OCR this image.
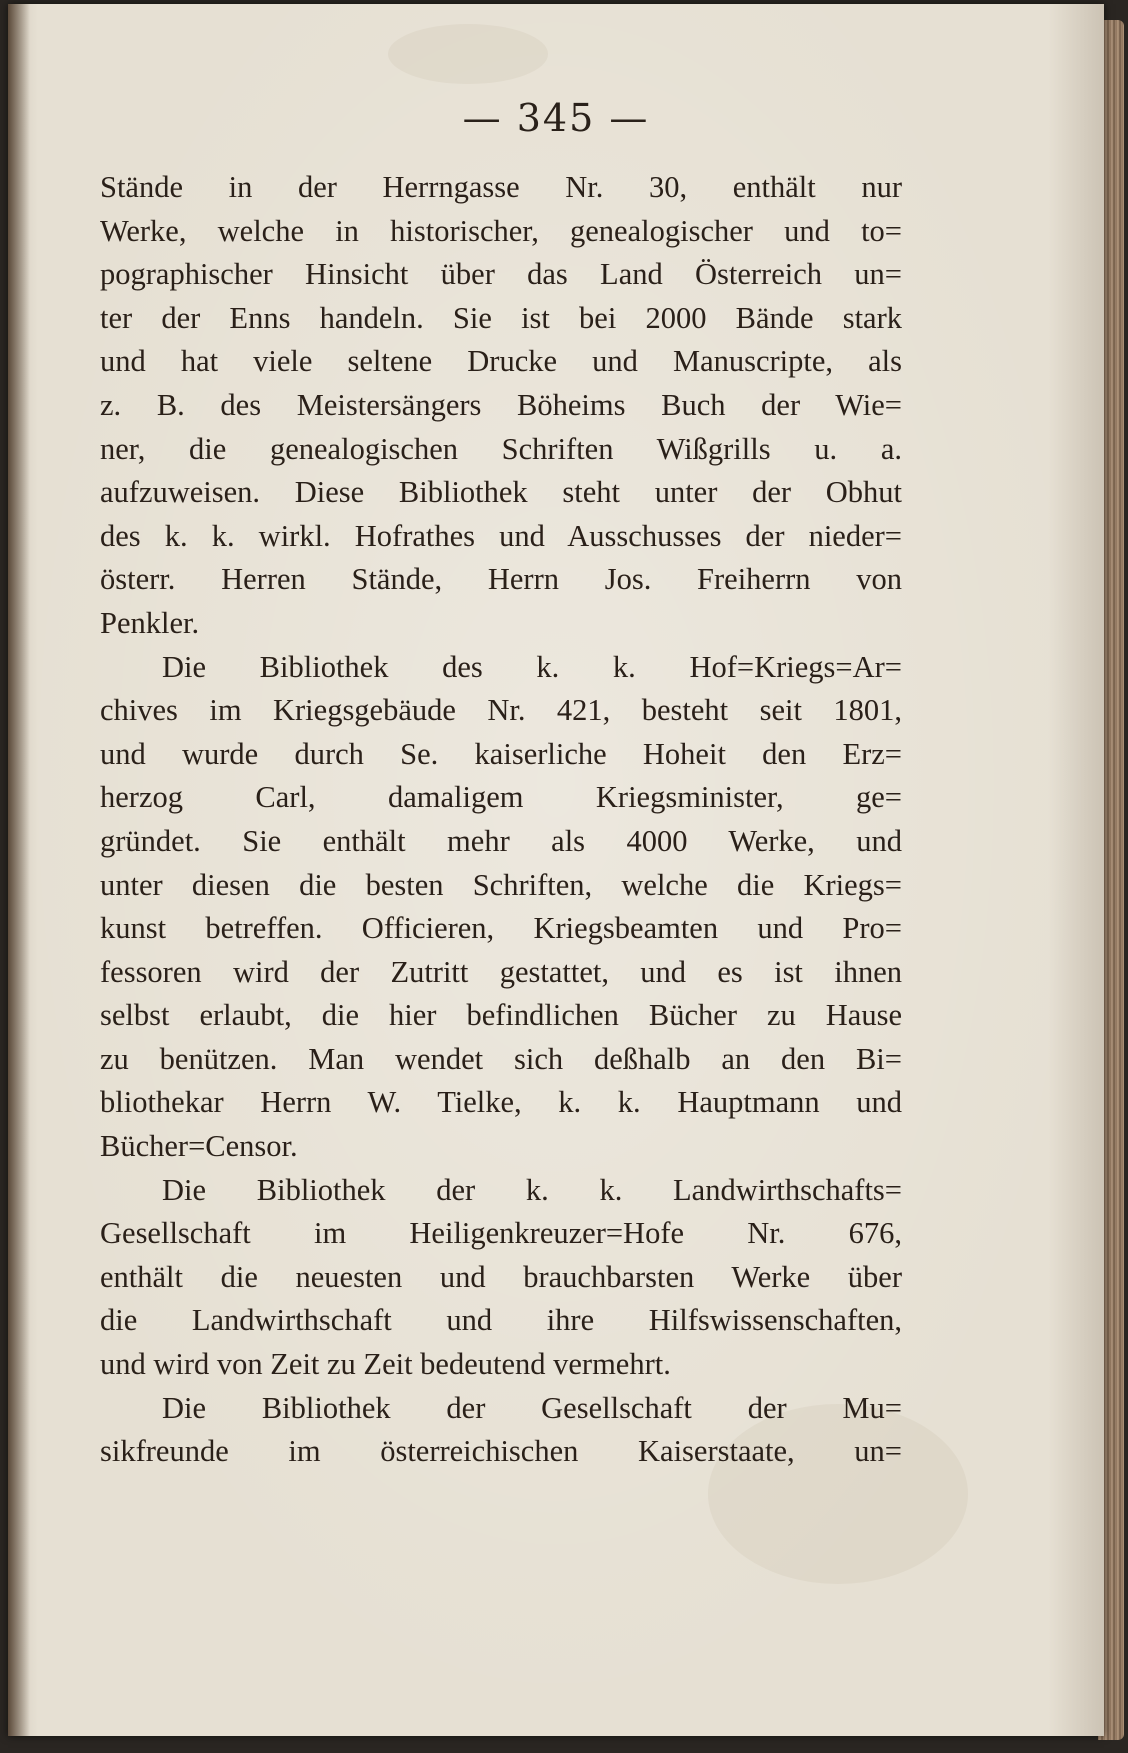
— 345 —
Stände in der Herrngasse Nr. 30, enthält nur
Werke, welche in historischer, genealogischer und to=
pographischer Hinsicht über das Land Österreich un=
ter der Enns handeln. Sie ist bei 2000 Bände stark
und hat viele seltene Drucke und Manuscripte, als
z. B. des Meistersängers Böheims Buch der Wie=
ner, die genealogischen Schriften Wißgrills u. a.
aufzuweisen. Diese Bibliothek steht unter der Obhut
des k. k. wirkl. Hofrathes und Ausschusses der nieder=
österr. Herren Stände, Herrn Jos. Freiherrn von
Penkler.
Die Bibliothek des k. k. Hof=Kriegs=Ar=
chives im Kriegsgebäude Nr. 421, besteht seit 1801,
und wurde durch Se. kaiserliche Hoheit den Erz=
herzog Carl, damaligem Kriegsminister, ge=
gründet. Sie enthält mehr als 4000 Werke, und
unter diesen die besten Schriften, welche die Kriegs=
kunst betreffen. Officieren, Kriegsbeamten und Pro=
fessoren wird der Zutritt gestattet, und es ist ihnen
selbst erlaubt, die hier befindlichen Bücher zu Hause
zu benützen. Man wendet sich deßhalb an den Bi=
bliothekar Herrn W. Tielke, k. k. Hauptmann und
Bücher=Censor.
Die Bibliothek der k. k. Landwirthschafts=
Gesellschaft im Heiligenkreuzer=Hofe Nr. 676,
enthält die neuesten und brauchbarsten Werke über
die Landwirthschaft und ihre Hilfswissenschaften,
und wird von Zeit zu Zeit bedeutend vermehrt.
Die Bibliothek der Gesellschaft der Mu=
sikfreunde im österreichischen Kaiserstaate, un=
